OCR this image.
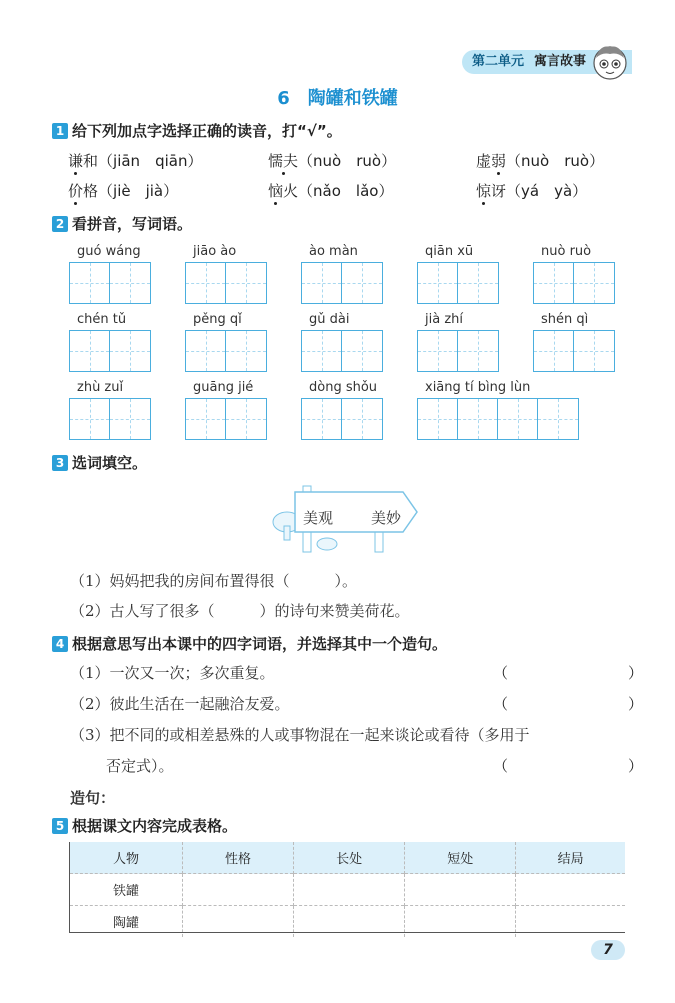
第二单元 寓言故事
6　陶罐和铁罐
1 给下列加点字选择正确的读音，打“√”。
谦和（jiān　qiān）	懦夫（nuò　ruò）	虚弱（nuò　ruò）
价格（jiè　jià）	恼火（nǎo　lǎo）	惊讶（yá　yà）
2 看拼音，写词语。
guó wáng	jiāo ào	ào màn	qiān xū	nuò ruò
chén tǔ	pěng qǐ	gǔ dài	jià zhí	shén qì
zhù zuǐ	guāng jié	dòng shǒu	xiāng tí bìng lùn
3 选词填空。
美观	美妙
（1）妈妈把我的房间布置得很（　　　）。
（2）古人写了很多（　　　）的诗句来赞美荷花。
4 根据意思写出本课中的四字词语，并选择其中一个造句。
（1）一次又一次；多次重复。	（　　　　　　　　）
（2）彼此生活在一起融洽友爱。	（　　　　　　　　）
（3）把不同的或相差悬殊的人或事物混在一起来谈论或看待（多用于
否定式）。	（　　　　　　　　）
造句：
5 根据课文内容完成表格。
人物	性格	长处	短处	结局
铁罐				
陶罐				
7
